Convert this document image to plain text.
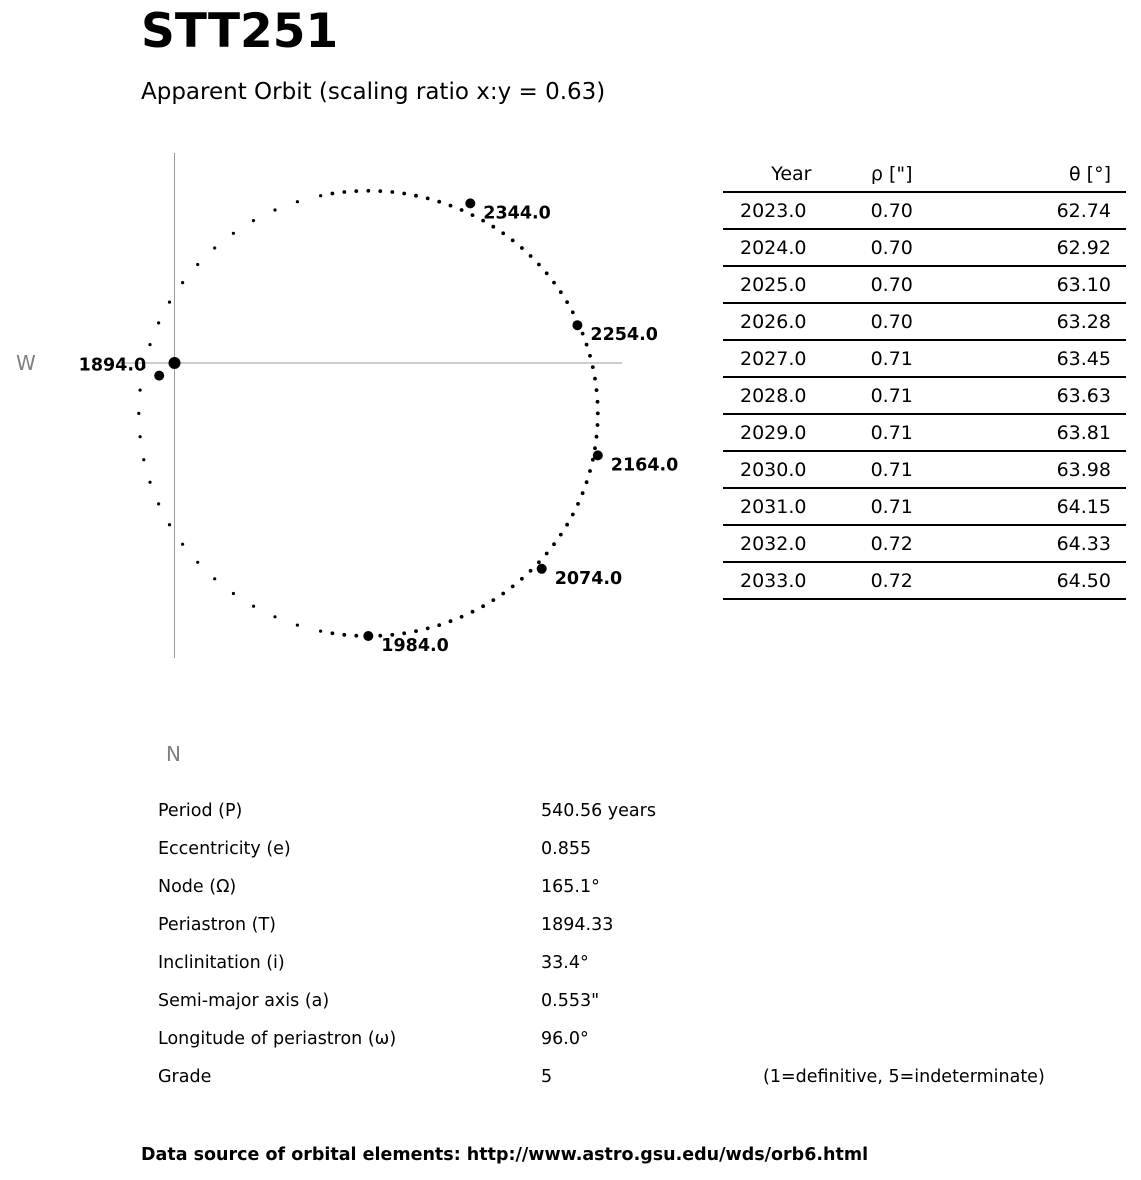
STT251
Apparent Orbit (scaling ratio x:y = 0.63)
W
N
1894.0
1984.0
2074.0
2164.0
2254.0
2344.0
Year	ρ ["]	θ [°]
2023.0	0.70	62.74
2024.0	0.70	62.92
2025.0	0.70	63.10
2026.0	0.70	63.28
2027.0	0.71	63.45
2028.0	0.71	63.63
2029.0	0.71	63.81
2030.0	0.71	63.98
2031.0	0.71	64.15
2032.0	0.72	64.33
2033.0	0.72	64.50
Period (P)	540.56 years
Eccentricity (e)	0.855
Node (Ω)	165.1°
Periastron (T)	1894.33
Inclinitation (i)	33.4°
Semi-major axis (a)	0.553"
Longitude of periastron (ω)	96.0°
Grade	5	(1=definitive, 5=indeterminate)
Data source of orbital elements: http://www.astro.gsu.edu/wds/orb6.html
